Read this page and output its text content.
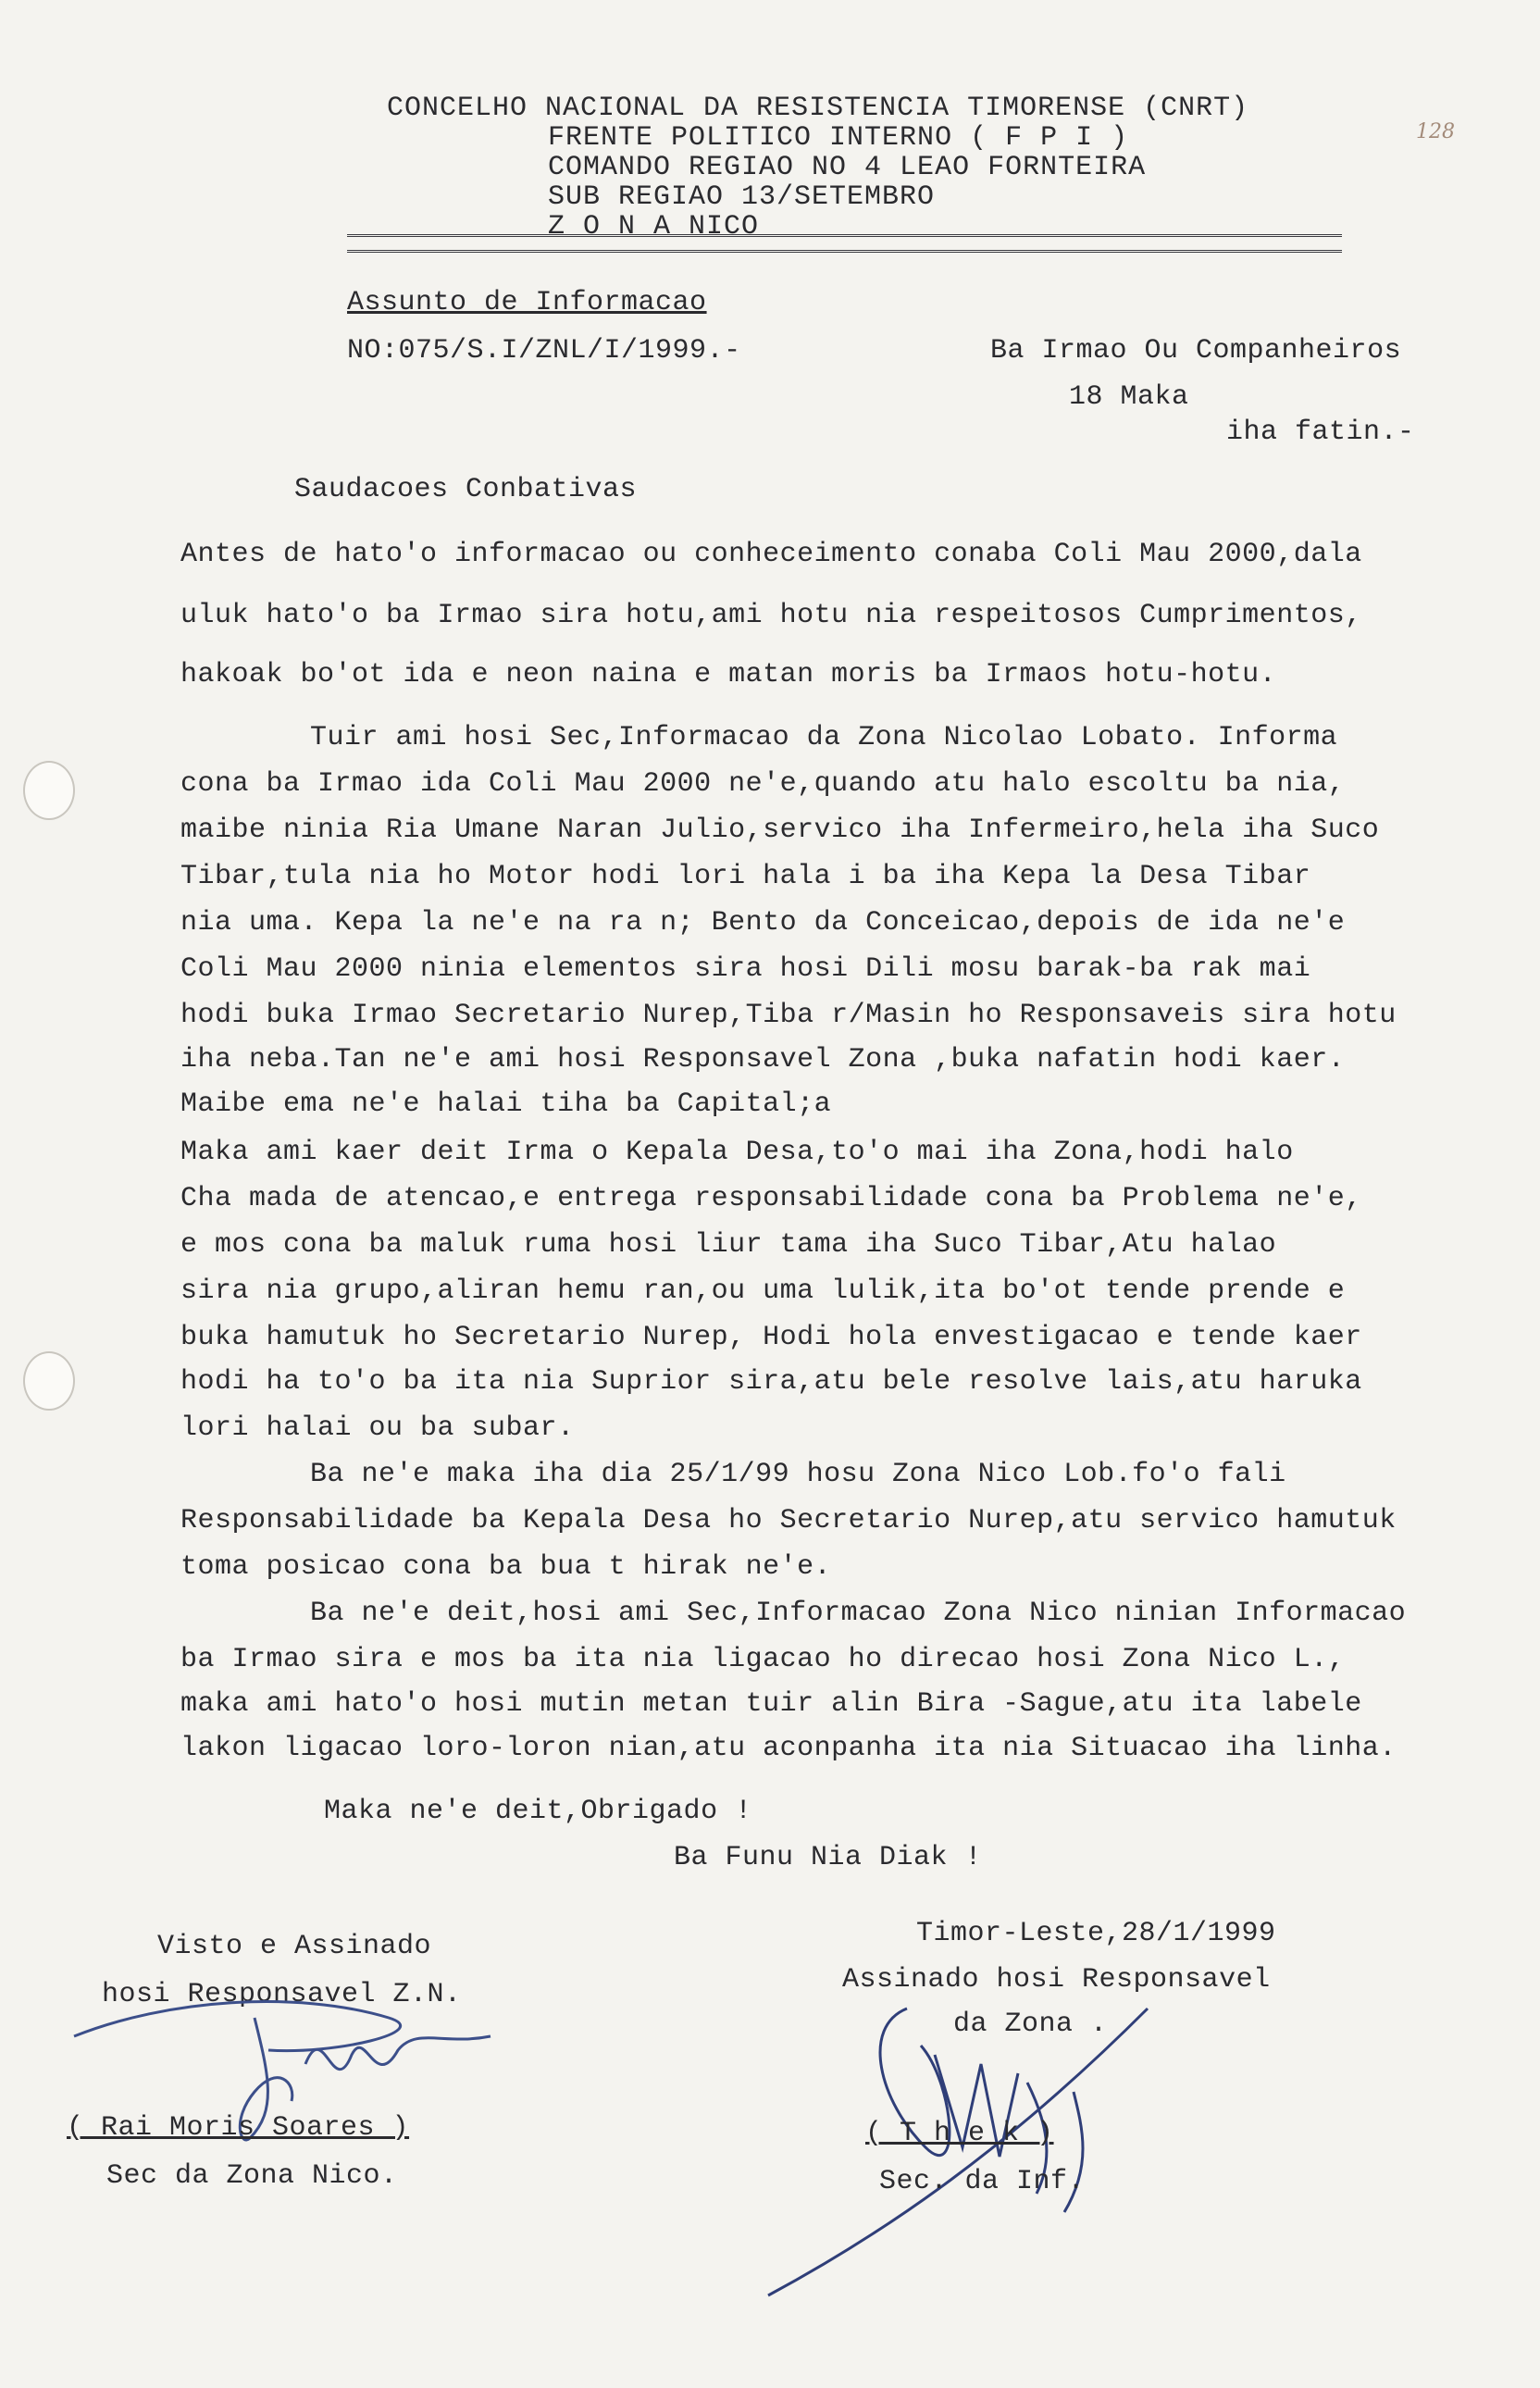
128
CONCELHO NACIONAL DA RESISTENCIA TIMORENSE (CNRT)
FRENTE POLITICO INTERNO ( F P I )
COMANDO REGIAO NO 4 LEAO FORNTEIRA
SUB REGIAO 13/SETEMBRO
Z O N A NICO
Assunto de Informacao
NO:075/S.I/ZNL/I/1999.-	Ba Irmao Ou Companheiros
18 Maka
iha fatin.-
Saudacoes Conbativas
Antes de hato'o informacao ou conheceimento conaba Coli Mau 2000,dala
uluk hato'o ba Irmao sira hotu,ami hotu nia respeitosos Cumprimentos,
hakoak bo'ot ida e neon naina e matan moris ba Irmaos hotu-hotu.
Tuir ami hosi Sec,Informacao da Zona Nicolao Lobato. Informa
cona ba Irmao ida Coli Mau 2000 ne'e,quando atu halo escoltu ba nia,
maibe ninia Ria Umane Naran Julio,servico iha Infermeiro,hela iha Suco
Tibar,tula nia ho Motor hodi lori hala i ba iha Kepa la Desa Tibar
nia uma. Kepa la ne'e na ra n; Bento da Conceicao,depois de ida ne'e
Coli Mau 2000 ninia elementos sira hosi Dili mosu barak-ba rak mai
hodi buka Irmao Secretario Nurep,Tiba r/Masin ho Responsaveis sira hotu
iha neba.Tan ne'e ami hosi Responsavel Zona ,buka nafatin hodi kaer.
Maibe ema ne'e halai tiha ba Capital;a
Maka ami kaer deit Irma o Kepala Desa,to'o mai iha Zona,hodi halo
Cha mada de atencao,e entrega responsabilidade cona ba Problema ne'e,
e mos cona ba maluk ruma hosi liur tama iha Suco Tibar,Atu halao
sira nia grupo,aliran hemu ran,ou uma lulik,ita bo'ot tende prende e
buka hamutuk ho Secretario Nurep, Hodi hola envestigacao e tende kaer
hodi ha to'o ba ita nia Suprior sira,atu bele resolve lais,atu haruka
lori halai ou ba subar.
Ba ne'e maka iha dia 25/1/99 hosu Zona Nico Lob.fo'o fali
Responsabilidade ba Kepala Desa ho Secretario Nurep,atu servico hamutuk
toma posicao cona ba bua t hirak ne'e.
Ba ne'e deit,hosi ami Sec,Informacao Zona Nico ninian Informacao
ba Irmao sira e mos ba ita nia ligacao ho direcao hosi Zona Nico L.,
maka ami hato'o hosi mutin metan tuir alin Bira -Sague,atu ita labele
lakon ligacao loro-loron nian,atu aconpanha ita nia Situacao iha linha.
Maka ne'e deit,Obrigado !
Ba Funu Nia Diak !
Visto e Assinado
hosi Responsavel Z.N.
( Rai Moris Soares )
Sec da Zona Nico.
Timor-Leste,28/1/1999
Assinado hosi Responsavel
da Zona .
( T h e k )
Sec. da Inf.
